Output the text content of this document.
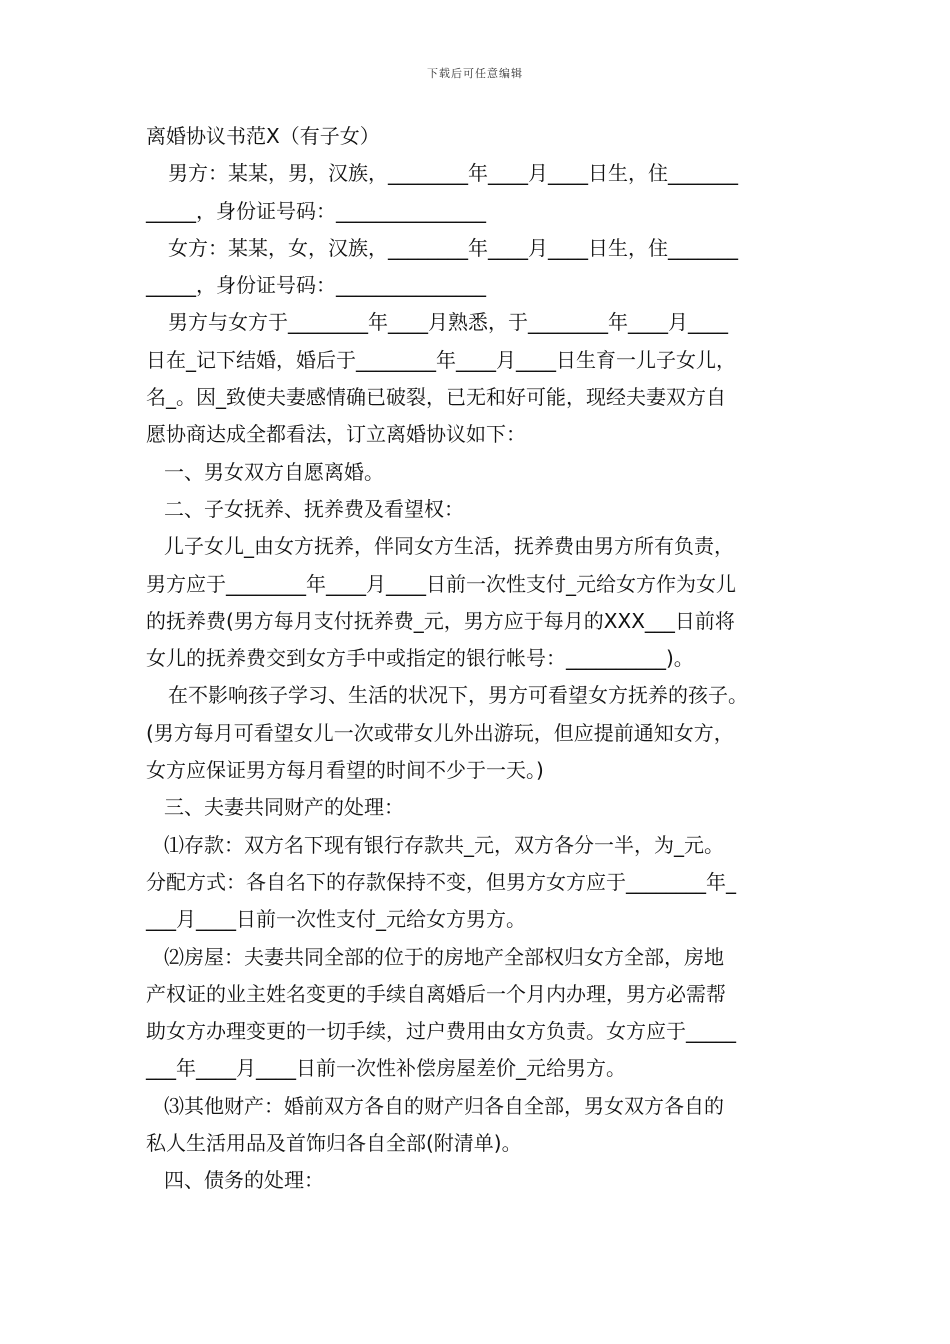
下载后可任意编辑
离婚协议书范X（有子女）
男方：某某，男，汉族，________年____月____日生，住_______
_____，身份证号码：_______________
女方：某某，女，汉族，________年____月____日生，住_______
_____，身份证号码：_______________
男方与女方于________年____月熟悉，于________年____月____
日在_记下结婚，婚后于________年____月____日生育一儿子女儿，
名_。因_致使夫妻感情确已破裂，已无和好可能，现经夫妻双方自
愿协商达成全都看法，订立离婚协议如下：
一、男女双方自愿离婚。
二、子女抚养、抚养费及看望权：
儿子女儿_由女方抚养，伴同女方生活，抚养费由男方所有负责，
男方应于________年____月____日前一次性支付_元给女方作为女儿
的抚养费(男方每月支付抚养费_元，男方应于每月的XXX___日前将
女儿的抚养费交到女方手中或指定的银行帐号：__________)。
在不影响孩子学习、生活的状况下，男方可看望女方抚养的孩子。
(男方每月可看望女儿一次或带女儿外出游玩，但应提前通知女方，
女方应保证男方每月看望的时间不少于一天。)
三、夫妻共同财产的处理：
⑴存款：双方名下现有银行存款共_元，双方各分一半，为_元。
分配方式：各自名下的存款保持不变，但男方女方应于________年_
___月____日前一次性支付_元给女方男方。
⑵房屋：夫妻共同全部的位于的房地产全部权归女方全部，房地
产权证的业主姓名变更的手续自离婚后一个月内办理，男方必需帮
助女方办理变更的一切手续，过户费用由女方负责。女方应于_____
___年____月____日前一次性补偿房屋差价_元给男方。
⑶其他财产：婚前双方各自的财产归各自全部，男女双方各自的
私人生活用品及首饰归各自全部(附清单)。
四、债务的处理：
